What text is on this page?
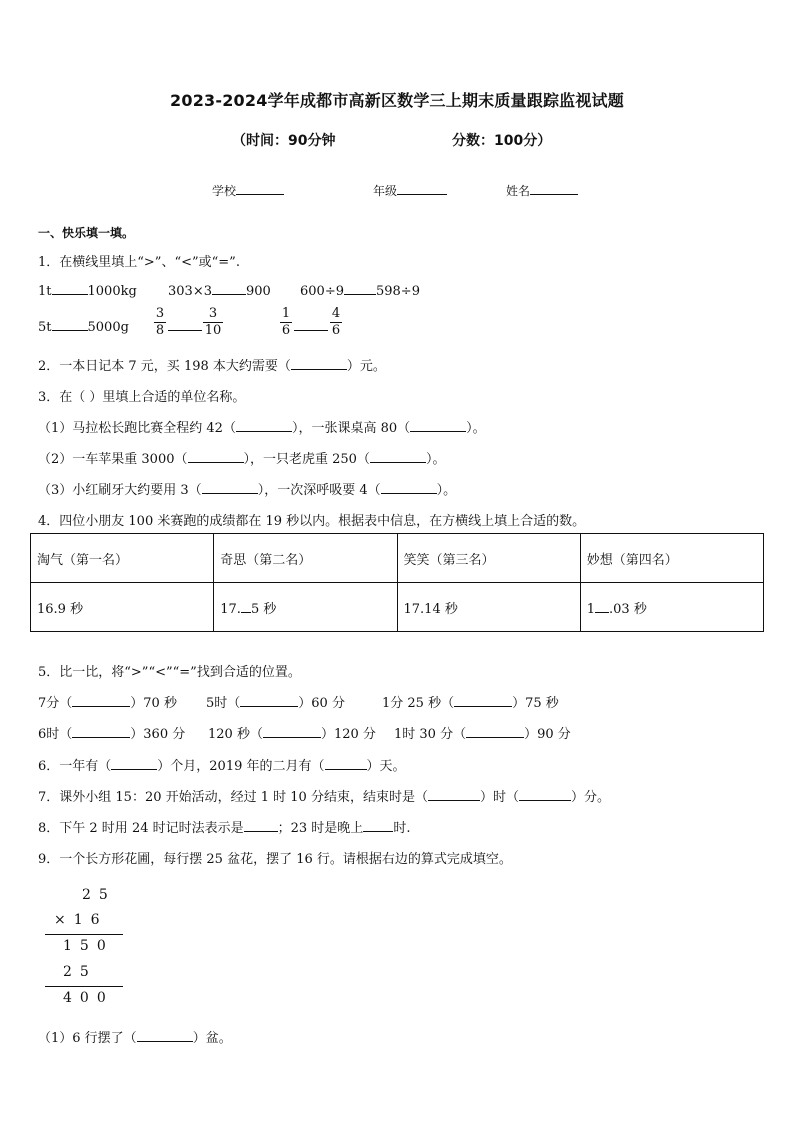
2023-2024学年成都市高新区数学三上期末质量跟踪监视试题
（时间：90分钟	分数：100分）
学校	年级	姓名
一、快乐填一填。
1．在横线里填上“>”、“<”或“=”.
1t	1000kg 303×3	900 600÷9 598÷9
5t	5000g
3
8
3
10
1
6
4
6
2．一本日记本 7 元，买 198 本大约需要（	）元。
3．在（ ）里填上合适的单位名称。
（1）马拉松长跑比赛全程约 42（	），一张课桌高 80（	）。
（2）一车苹果重 3000（	），一只老虎重 250（	）。
（3）小红刷牙大约要用 3（	），一次深呼吸要 4（	）。
4．四位小朋友 100 米赛跑的成绩都在 19 秒以内。根据表中信息，在方横线上填上合适的数。
淘气（第一名）	奇思（第二名）	笑笑（第三名）	妙想（第四名）
16.9 秒	17. 5 秒	17.14 秒	1 .03 秒
5．比一比，将“>”“<”“=”找到合适的位置。
7分（	）70 秒 5时（	）60 分	1分 25 秒（	）75 秒
6时（	）360 分 120 秒（	）120 分 1时 30 分（	）90 分
6．一年有（	）个月，2019 年的二月有（	）天。
7．课外小组 15：20 开始活动，经过 1 时 10 分结束，结束时是（	）时（	）分。
8．下午 2 时用 24 时记时法表示是	；23 时是晚上 时.
9．一个长方形花圃，每行摆 25 盆花，摆了 16 行。请根据右边的算式完成填空。
25
×16
150
25
400
（1）6 行摆了（	）盆。
